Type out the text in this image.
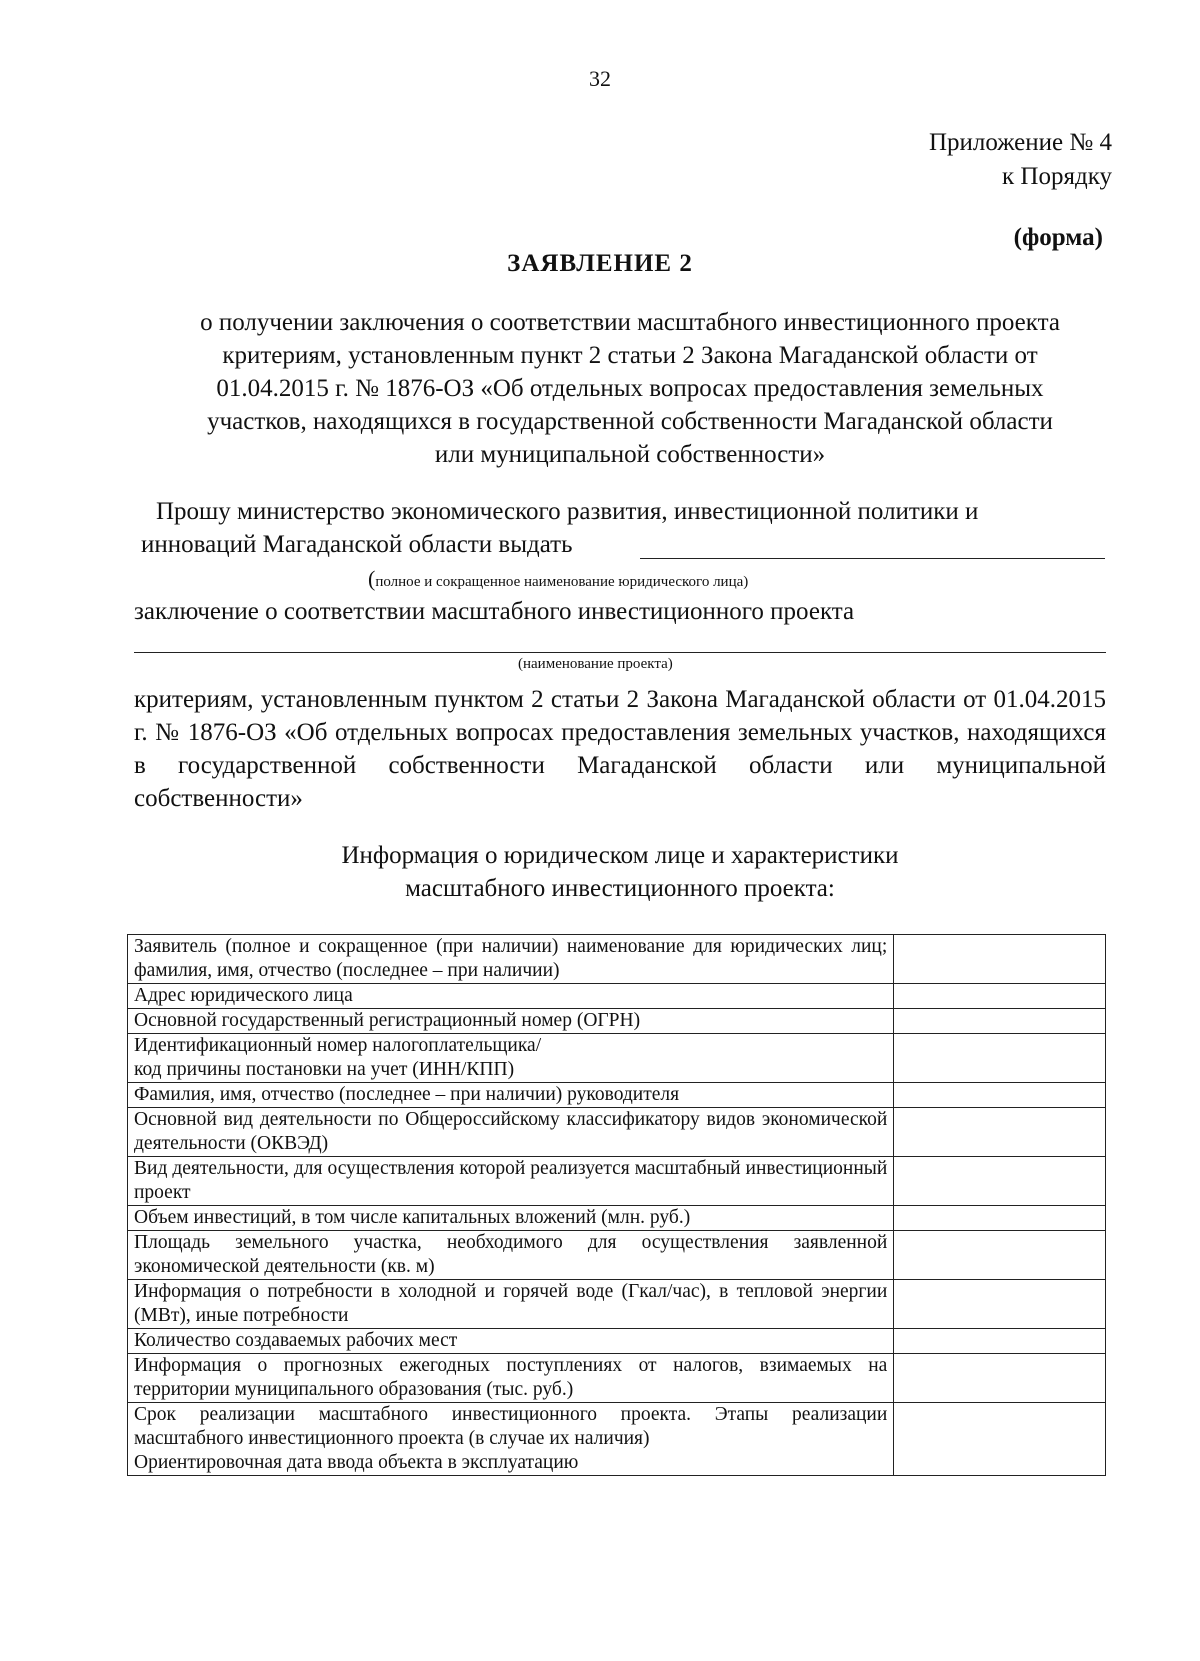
32
Приложение № 4
к Порядку
(форма)
ЗАЯВЛЕНИЕ 2
о получении заключения о соответствии масштабного инвестиционного проекта
критериям, установленным пункт 2 статьи 2 Закона Магаданской области от
01.04.2015 г. № 1876-ОЗ «Об отдельных вопросах предоставления земельных
участков, находящихся в государственной собственности Магаданской области
или муниципальной собственности»
Прошу министерство экономического развития, инвестиционной политики и
инноваций Магаданской области выдать
(полное и сокращенное наименование юридического лица)
заключение о соответствии масштабного инвестиционного проекта
(наименование проекта)
критериям, установленным пунктом 2 статьи 2 Закона Магаданской области от 01.04.2015 г. № 1876-ОЗ «Об отдельных вопросах предоставления земельных участков, находящихся в государственной собственности Магаданской области или муниципальной собственности»
Информация о юридическом лице и характеристики
масштабного инвестиционного проекта:
Заявитель (полное и сокращенное (при наличии) наименование для юридических лиц; фамилия, имя, отчество (последнее – при наличии)	

Адрес юридического лица	

Основной государственный регистрационный номер (ОГРН)	

Идентификационный номер налогоплательщика/
код причины постановки на учет (ИНН/КПП)	

Фамилия, имя, отчество (последнее – при наличии) руководителя	

Основной вид деятельности по Общероссийскому классификатору видов экономической деятельности (ОКВЭД)	

Вид деятельности, для осуществления которой реализуется масштабный инвестиционный проект	

Объем инвестиций, в том числе капитальных вложений (млн. руб.)	

Площадь земельного участка, необходимого для осуществления заявленной экономической деятельности (кв. м)	

Информация о потребности в холодной и горячей воде (Гкал/час), в тепловой энергии (МВт), иные потребности	

Количество создаваемых рабочих мест	

Информация о прогнозных ежегодных поступлениях от налогов, взимаемых на территории муниципального образования (тыс. руб.)	

Срок реализации масштабного инвестиционного проекта. Этапы реализации масштабного инвестиционного проекта (в случае их наличия)
Ориентировочная дата ввода объекта в эксплуатацию	
